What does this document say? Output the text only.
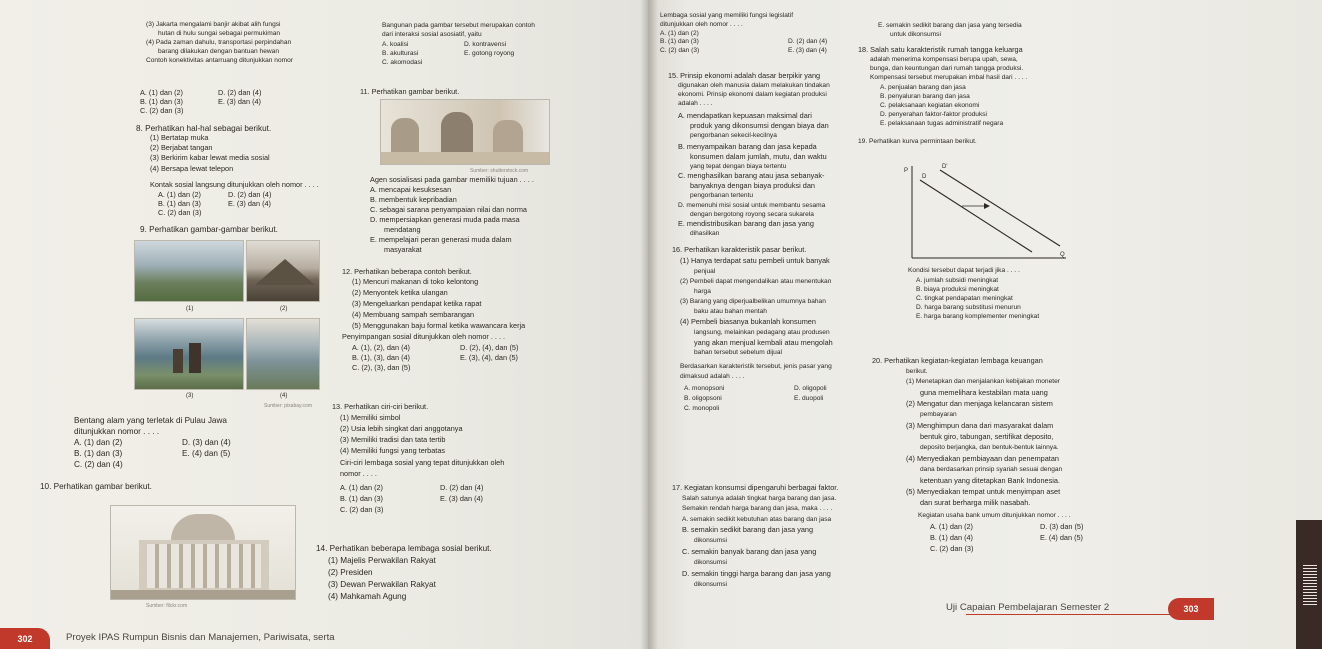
(3) Jakarta mengalami banjir akibat alih fungsi
hutan di hulu sungai sebagai permukiman
(4) Pada zaman dahulu, transportasi perpindahan
barang dilakukan dengan bantuan hewan
Contoh konektivitas antarruang ditunjukkan nomor
Bangunan pada gambar tersebut merupakan contoh
dari interaksi sosial asosiatif, yaitu
A. koalisi	D. kontravensi
B. akulturasi	E. gotong royong
C. akomodasi
A. (1) dan (2)	D. (2) dan (4)
B. (1) dan (3)	E. (3) dan (4)
C. (2) dan (3)
11. Perhatikan gambar berikut.
Sumber: shutterstock.com
8. Perhatikan hal-hal sebagai berikut.
(1) Bertatap muka
(2) Berjabat tangan
(3) Berkirim kabar lewat media sosial
(4) Bersapa lewat telepon
Kontak sosial langsung ditunjukkan oleh nomor . . . .
A. (1) dan (2)	D. (2) dan (4)
B. (1) dan (3)	E. (3) dan (4)
C. (2) dan (3)
Agen sosialisasi pada gambar memiliki tujuan . . . .
A. mencapai kesuksesan
B. membentuk kepribadian
C. sebagai sarana penyampaian nilai dan norma
D. mempersiapkan generasi muda pada masa
mendatang
E. mempelajari peran generasi muda dalam
masyarakat
9. Perhatikan gambar-gambar berikut.
(1)	(2)
(3)	(4)
Sumber: pixabay.com
12. Perhatikan beberapa contoh berikut.
(1) Mencuri makanan di toko kelontong
(2) Menyontek ketika ulangan
(3) Mengeluarkan pendapat ketika rapat
(4) Membuang sampah sembarangan
(5) Menggunakan baju formal ketika wawancara kerja
Penyimpangan sosial ditunjukkan oleh nomor . . . .
A. (1), (2), dan (4)	D. (2), (4), dan (5)
B. (1), (3), dan (4)	E. (3), (4), dan (5)
C. (2), (3), dan (5)
Bentang alam yang terletak di Pulau Jawa
ditunjukkan nomor . . . .
A. (1) dan (2)	D. (3) dan (4)
B. (1) dan (3)	E. (4) dan (5)
C. (2) dan (4)
13. Perhatikan ciri-ciri berikut.
(1) Memiliki simbol
(2) Usia lebih singkat dari anggotanya
(3) Memiliki tradisi dan tata tertib
(4) Memiliki fungsi yang terbatas
Ciri-ciri lembaga sosial yang tepat ditunjukkan oleh
nomor . . . .
A. (1) dan (2)	D. (2) dan (4)
B. (1) dan (3)	E. (3) dan (4)
C. (2) dan (3)
10. Perhatikan gambar berikut.
Sumber: flickr.com
14. Perhatikan beberapa lembaga sosial berikut.
(1) Majelis Perwakilan Rakyat
(2) Presiden
(3) Dewan Perwakilan Rakyat
(4) Mahkamah Agung
302	Proyek IPAS Rumpun Bisnis dan Manajemen, Pariwisata, serta
Lembaga sosial yang memiliki fungsi legislatif
ditunjukkan oleh nomor . . . .
A. (1) dan (2)
D. (2) dan (4)
B. (1) dan (3)
E. (3) dan (4)
C. (2) dan (3)
15. Prinsip ekonomi adalah dasar berpikir yang
digunakan oleh manusia dalam melakukan tindakan
ekonomi. Prinsip ekonomi dalam kegiatan produksi
adalah . . . .
A. mendapatkan kepuasan maksimal dari
produk yang dikonsumsi dengan biaya dan
pengorbanan sekecil-kecilnya
B. menyampaikan barang dan jasa kepada
konsumen dalam jumlah, mutu, dan waktu
yang tepat dengan biaya tertentu
C. menghasilkan barang atau jasa sebanyak-
banyaknya dengan biaya produksi dan
pengorbanan tertentu
D. memenuhi misi sosial untuk membantu sesama
dengan bergotong royong secara sukarela
E. mendistribusikan barang dan jasa yang
dihasilkan
16. Perhatikan karakteristik pasar berikut.
(1) Hanya terdapat satu pembeli untuk banyak
penjual
(2) Pembeli dapat mengendalikan atau menentukan
harga
(3) Barang yang diperjualbelikan umumnya bahan
baku atau bahan mentah
(4) Pembeli biasanya bukanlah konsumen
langsung, melainkan pedagang atau produsen
yang akan menjual kembali atau mengolah
bahan tersebut sebelum dijual
Berdasarkan karakteristik tersebut, jenis pasar yang
dimaksud adalah . . . .
A. monopsoni	D. oligopoli
B. oligopsoni	E. duopoli
C. monopoli
17. Kegiatan konsumsi dipengaruhi berbagai faktor.
Salah satunya adalah tingkat harga barang dan jasa.
Semakin rendah harga barang dan jasa, maka . . . .
A. semakin sedikit kebutuhan atas barang dan jasa
B. semakin sedikit barang dan jasa yang
dikonsumsi
C. semakin banyak barang dan jasa yang
dikonsumsi
D. semakin tinggi harga barang dan jasa yang
dikonsumsi
E. semakin sedikit barang dan jasa yang tersedia
untuk dikonsumsi
18. Salah satu karakteristik rumah tangga keluarga
adalah menerima kompensasi berupa upah, sewa,
bunga, dan keuntungan dari rumah tangga produksi.
Kompensasi tersebut merupakan imbal hasil dari . . . .
A. penjualan barang dan jasa
B. penyaluran barang dan jasa
C. pelaksanaan kegiatan ekonomi
D. penyerahan faktor-faktor produksi
E. pelaksanaan tugas administratif negara
19. Perhatikan kurva permintaan berikut.
P
D'
D
Q
Kondisi tersebut dapat terjadi jika . . . .
A. jumlah subsidi meningkat
B. biaya produksi meningkat
C. tingkat pendapatan meningkat
D. harga barang substitusi menurun
E. harga barang komplementer meningkat
20. Perhatikan kegiatan-kegiatan lembaga keuangan
berikut.
(1) Menetapkan dan menjalankan kebijakan moneter
guna memelihara kestabilan mata uang
(2) Mengatur dan menjaga kelancaran sistem
pembayaran
(3) Menghimpun dana dari masyarakat dalam
bentuk giro, tabungan, sertifikat deposito,
deposito berjangka, dan bentuk-bentuk lainnya.
(4) Menyediakan pembiayaan dan penempatan
dana berdasarkan prinsip syariah sesuai dengan
ketentuan yang ditetapkan Bank Indonesia.
(5) Menyediakan tempat untuk menyimpan aset
dan surat berharga milik nasabah.
Kegiatan usaha bank umum ditunjukkan nomor . . . .
A. (1) dan (2)	D. (3) dan (5)
B. (1) dan (4)	E. (4) dan (5)
C. (2) dan (3)
Uji Capaian Pembelajaran Semester 2	303
